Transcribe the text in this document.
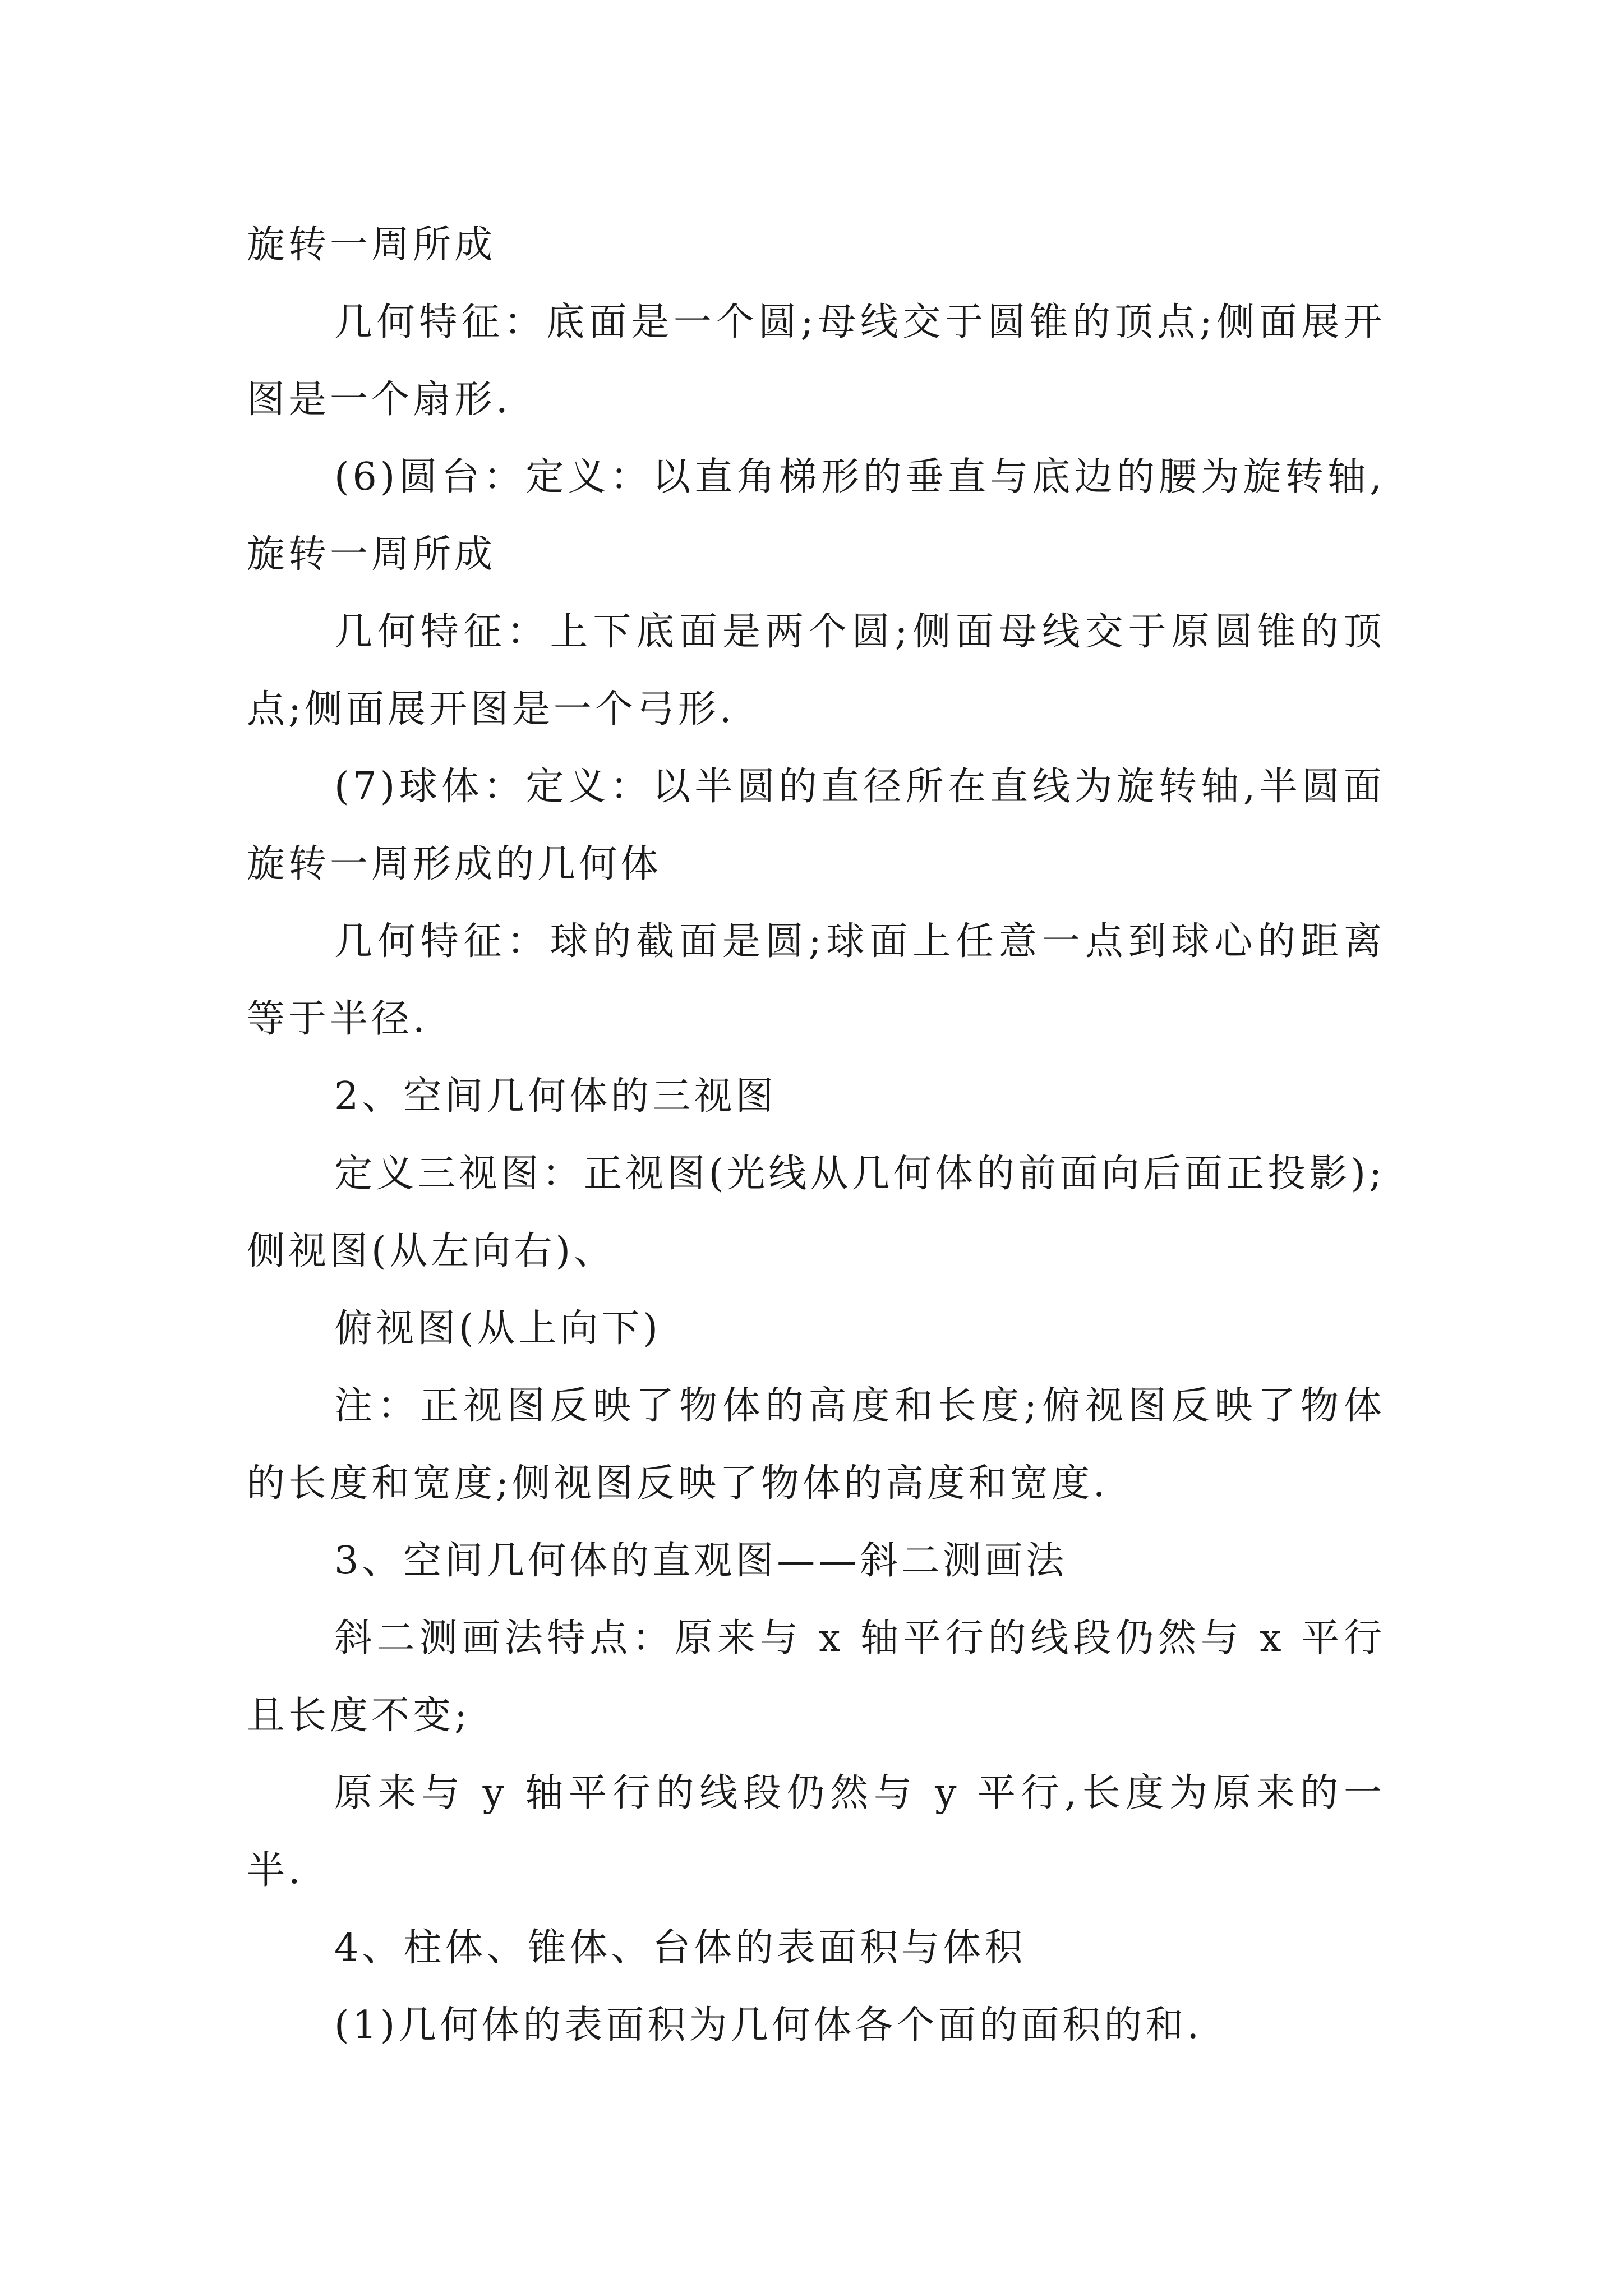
旋转一周所成

几何特征：底面是一个圆;母线交于圆锥的顶点;侧面展开图是一个扇形.

(6)圆台：定义：以直角梯形的垂直与底边的腰为旋转轴,旋转一周所成

几何特征：上下底面是两个圆;侧面母线交于原圆锥的顶点;侧面展开图是一个弓形.

(7)球体：定义：以半圆的直径所在直线为旋转轴,半圆面旋转一周形成的几何体

几何特征：球的截面是圆;球面上任意一点到球心的距离等于半径.

2、空间几何体的三视图

定义三视图：正视图(光线从几何体的前面向后面正投影);侧视图(从左向右)、

俯视图(从上向下)

注：正视图反映了物体的高度和长度;俯视图反映了物体的长度和宽度;侧视图反映了物体的高度和宽度.

3、空间几何体的直观图——斜二测画法

斜二测画法特点：原来与 x 轴平行的线段仍然与 x 平行且长度不变;

原来与 y 轴平行的线段仍然与 y 平行,长度为原来的一半.

4、柱体、锥体、台体的表面积与体积

(1)几何体的表面积为几何体各个面的面积的和.
